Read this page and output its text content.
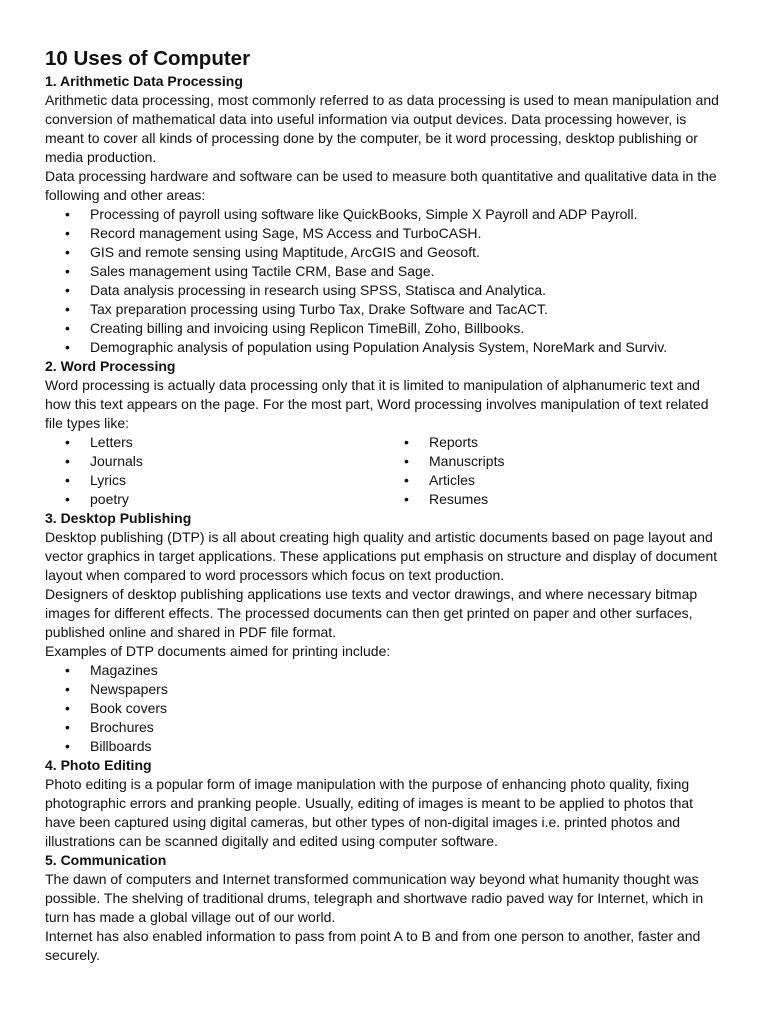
10 Uses of Computer
1. Arithmetic Data Processing

Arithmetic data processing, most commonly referred to as data processing is used to mean manipulation and conversion of mathematical data into useful information via output devices. Data processing however, is meant to cover all kinds of processing done by the computer, be it word processing, desktop publishing or media production.

Data processing hardware and software can be used to measure both quantitative and qualitative data in the following and other areas:

• Processing of payroll using software like QuickBooks, Simple X Payroll and ADP Payroll.
• Record management using Sage, MS Access and TurboCASH.
• GIS and remote sensing using Maptitude, ArcGIS and Geosoft.
• Sales management using Tactile CRM, Base and Sage.
• Data analysis processing in research using SPSS, Statisca and Analytica.
• Tax preparation processing using Turbo Tax, Drake Software and TacACT.
• Creating billing and invoicing using Replicon TimeBill, Zoho, Billbooks.
• Demographic analysis of population using Population Analysis System, NoreMark and Surviv.
2. Word Processing

Word processing is actually data processing only that it is limited to manipulation of alphanumeric text and how this text appears on the page. For the most part, Word processing involves manipulation of text related file types like:

• Letters
• Journals
• Lyrics
• poetry
• Reports
• Manuscripts
• Articles
• Resumes
3. Desktop Publishing

Desktop publishing (DTP) is all about creating high quality and artistic documents based on page layout and vector graphics in target applications. These applications put emphasis on structure and display of document layout when compared to word processors which focus on text production.

Designers of desktop publishing applications use texts and vector drawings, and where necessary bitmap images for different effects. The processed documents can then get printed on paper and other surfaces, published online and shared in PDF file format.

Examples of DTP documents aimed for printing include:

• Magazines
• Newspapers
• Book covers
• Brochures
• Billboards
4. Photo Editing

Photo editing is a popular form of image manipulation with the purpose of enhancing photo quality, fixing photographic errors and pranking people. Usually, editing of images is meant to be applied to photos that have been captured using digital cameras, but other types of non-digital images i.e. printed photos and illustrations can be scanned digitally and edited using computer software.

5. Communication

The dawn of computers and Internet transformed communication way beyond what humanity thought was possible. The shelving of traditional drums, telegraph and shortwave radio paved way for Internet, which in turn has made a global village out of our world.

Internet has also enabled information to pass from point A to B and from one person to another, faster and securely.
